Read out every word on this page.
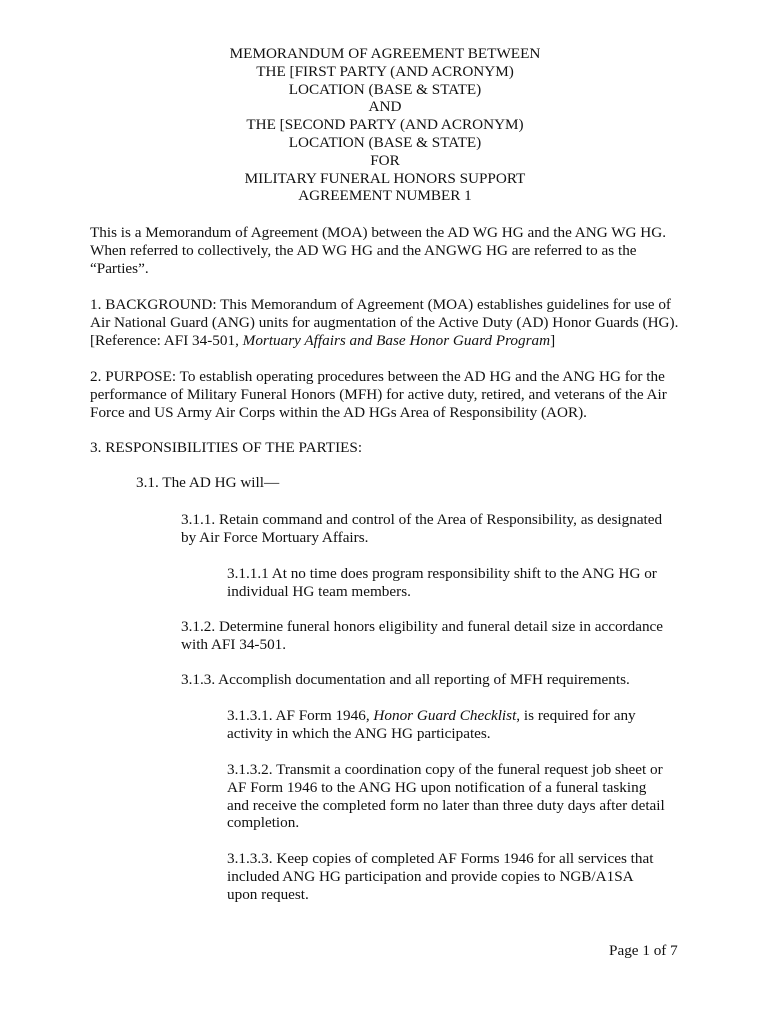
MEMORANDUM OF AGREEMENT BETWEEN
THE [FIRST PARTY (AND ACRONYM)
LOCATION (BASE & STATE)
AND
THE [SECOND PARTY (AND ACRONYM)
LOCATION (BASE & STATE)
FOR
MILITARY FUNERAL HONORS SUPPORT
AGREEMENT NUMBER 1
This is a Memorandum of Agreement (MOA) between the AD WG HG and the ANG WG HG.
When referred to collectively, the AD WG HG and the ANGWG HG are referred to as the
“Parties”.
1. BACKGROUND: This Memorandum of Agreement (MOA) establishes guidelines for use of
Air National Guard (ANG) units for augmentation of the Active Duty (AD) Honor Guards (HG).
[Reference: AFI 34-501, Mortuary Affairs and Base Honor Guard Program]
2. PURPOSE: To establish operating procedures between the AD HG and the ANG HG for the
performance of Military Funeral Honors (MFH) for active duty, retired, and veterans of the Air
Force and US Army Air Corps within the AD HGs Area of Responsibility (AOR).
3. RESPONSIBILITIES OF THE PARTIES:
3.1. The AD HG will—
3.1.1. Retain command and control of the Area of Responsibility, as designated
by Air Force Mortuary Affairs.
3.1.1.1 At no time does program responsibility shift to the ANG HG or
individual HG team members.
3.1.2. Determine funeral honors eligibility and funeral detail size in accordance
with AFI 34-501.
3.1.3. Accomplish documentation and all reporting of MFH requirements.
3.1.3.1. AF Form 1946, Honor Guard Checklist, is required for any
activity in which the ANG HG participates.
3.1.3.2. Transmit a coordination copy of the funeral request job sheet or
AF Form 1946 to the ANG HG upon notification of a funeral tasking
and receive the completed form no later than three duty days after detail
completion.
3.1.3.3. Keep copies of completed AF Forms 1946 for all services that
included ANG HG participation and provide copies to NGB/A1SA
upon request.
Page 1 of 7
